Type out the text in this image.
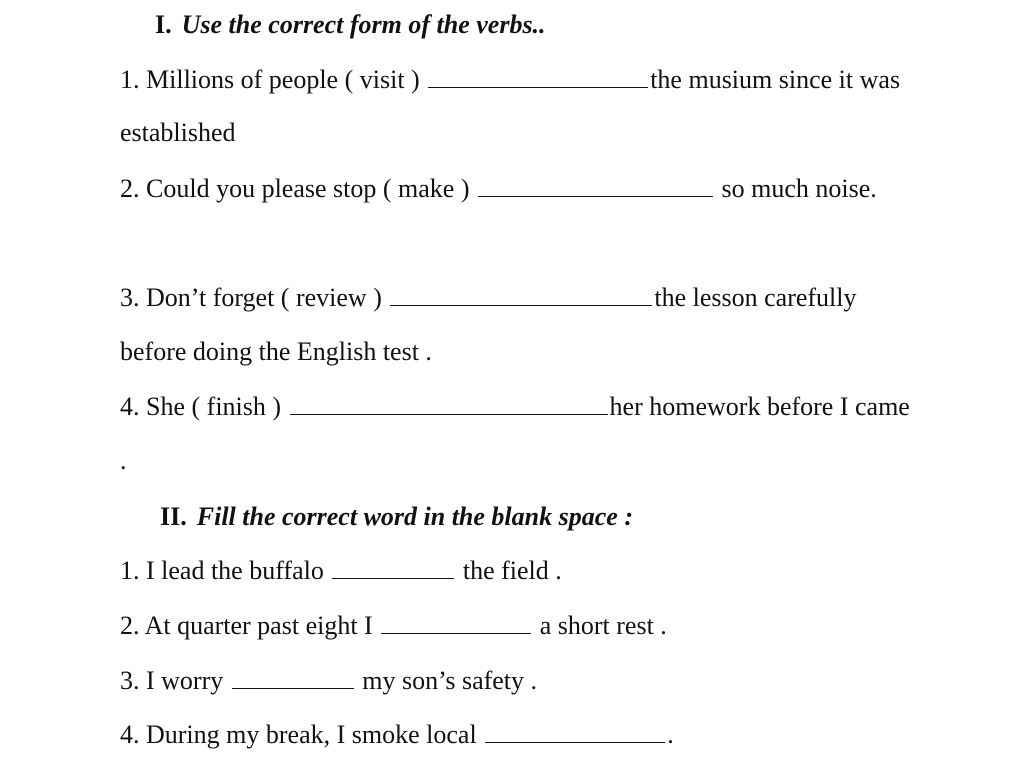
I. Use the correct form of the verbs..
1. Millions of people ( visit )	the musium since it was
established
2. Could you please stop ( make )	so much noise.
3. Don’t forget ( review )	the lesson carefully
before doing the English test .
4. She ( finish )	her homework before I came
.
II. Fill the correct word in the blank space :
1. I lead the buffalo	the field .
2. At quarter past eight I	a short rest .
3. I worry	my son’s safety .
4. During my break, I smoke local	.
